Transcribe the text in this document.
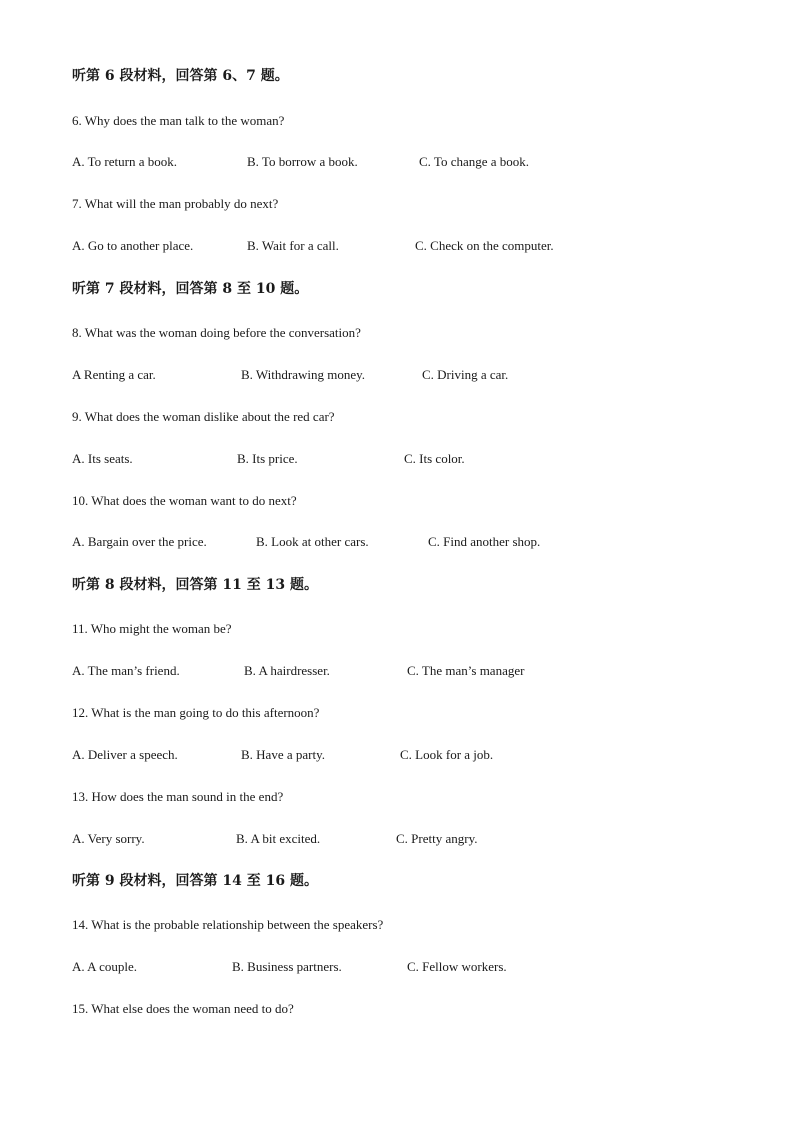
听第 6 段材料，回答第 6、7 题。
6. Why does the man talk to the woman?
A. To return a book.	B. To borrow a book.	C. To change a book.
7. What will the man probably do next?
A. Go to another place.	B. Wait for a call.	C. Check on the computer.
听第 7 段材料，回答第 8 至 10 题。
8. What was the woman doing before the conversation?
A Renting a car.	B. Withdrawing money.	C. Driving a car.
9. What does the woman dislike about the red car?
A. Its seats.	B. Its price.	C. Its color.
10. What does the woman want to do next?
A. Bargain over the price.	B. Look at other cars.	C. Find another shop.
听第 8 段材料，回答第 11 至 13 题。
11. Who might the woman be?
A. The man’s friend.	B. A hairdresser.	C. The man’s manager
12. What is the man going to do this afternoon?
A. Deliver a speech.	B. Have a party.	C. Look for a job.
13. How does the man sound in the end?
A. Very sorry.	B. A bit excited.	C. Pretty angry.
听第 9 段材料，回答第 14 至 16 题。
14. What is the probable relationship between the speakers?
A. A couple.	B. Business partners.	C. Fellow workers.
15. What else does the woman need to do?
